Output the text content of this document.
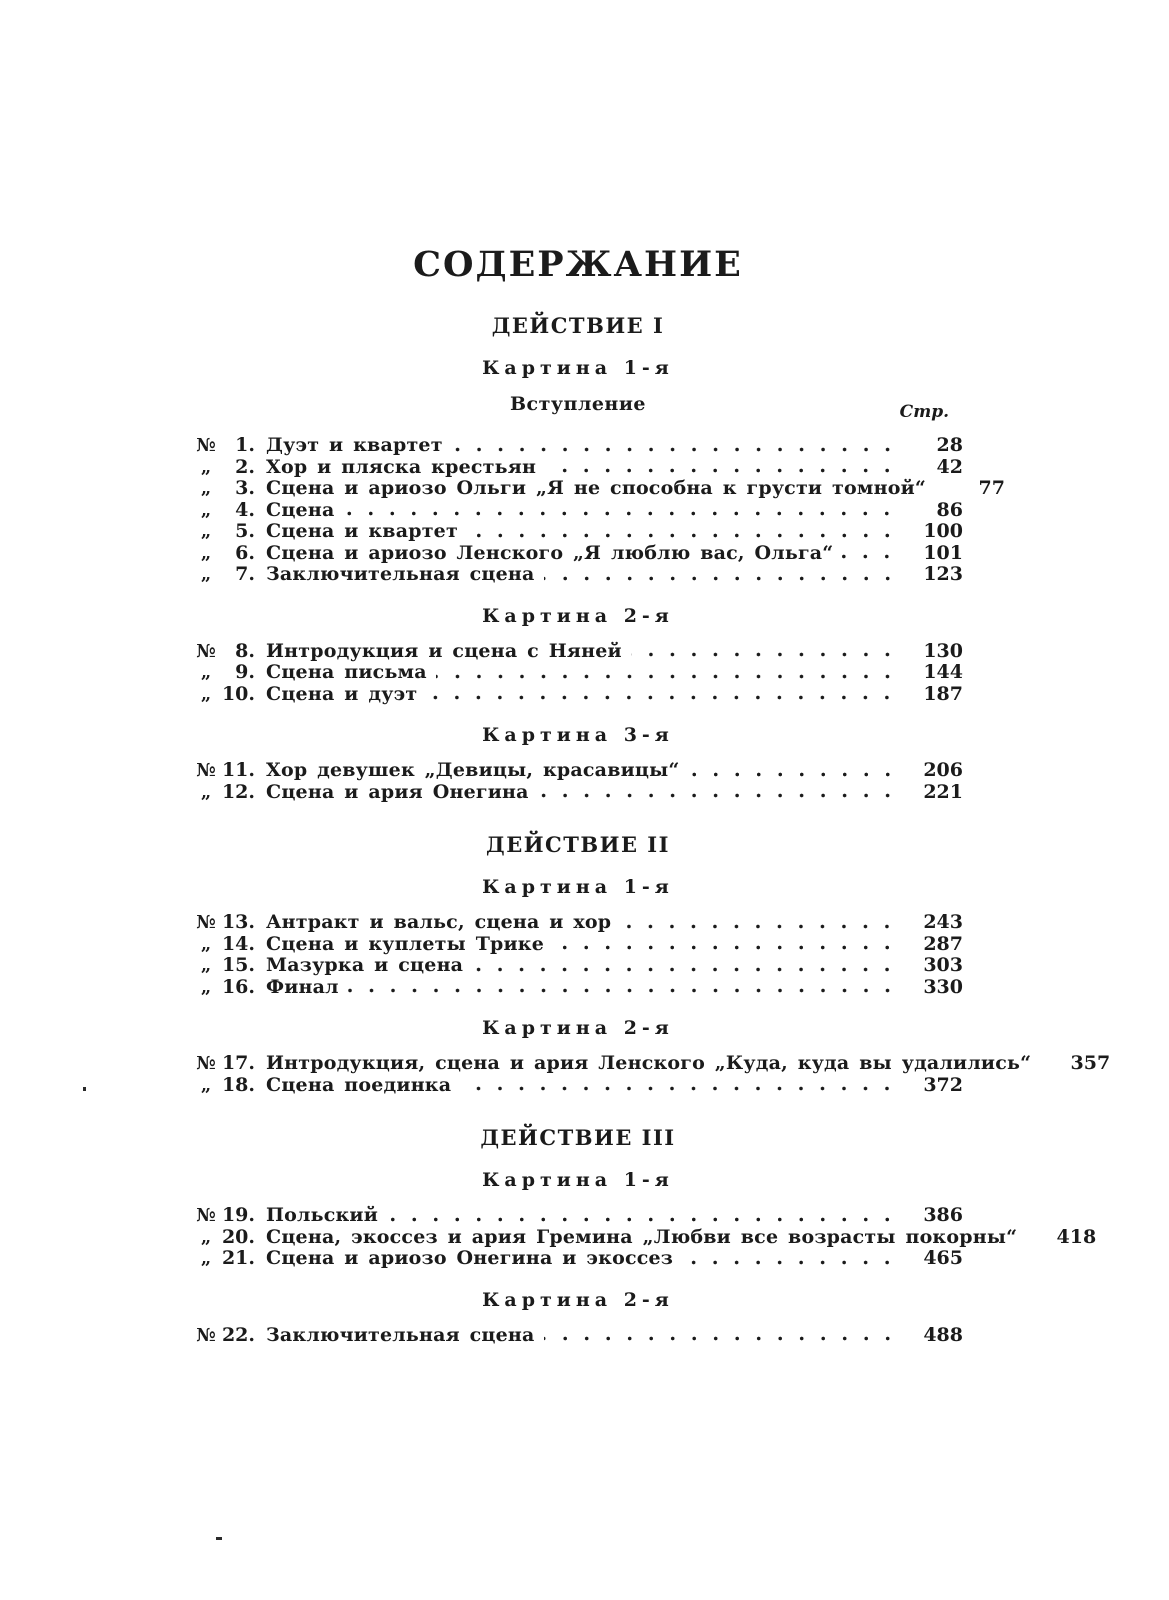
СОДЕРЖАНИЕ
ДЕЙСТВИЕ I
Картина 1-я
Вступление	Стр.
№	1. Дуэт и квартет	28
„	2. Хор и пляска крестьян	42
„	3. Сцена и ариозо Ольги „Я не способна к грусти томной“	77
„	4. Сцена	86
„	5. Сцена и квартет	100
„	6. Сцена и ариозо Ленского „Я люблю вас, Ольга“	101
„	7. Заключительная сцена	123
Картина 2-я
№	8. Интродукция и сцена с Няней	130
„	9. Сцена письма	144
„ 10. Сцена и дуэт	187
Картина 3-я
№ 11. Хор девушек „Девицы, красавицы“	206
„ 12. Сцена и ария Онегина	221
ДЕЙСТВИЕ II
Картина 1-я
№ 13. Антракт и вальс, сцена и хор	243
„ 14. Сцена и куплеты Трике	287
„ 15. Мазурка и сцена	303
„ 16. Финал	330
Картина 2-я
№ 17. Интродукция, сцена и ария Ленского „Куда, куда вы удалились“	357
„ 18. Сцена поединка	372
ДЕЙСТВИЕ III
Картина 1-я
№ 19. Польский	386
„ 20. Сцена, экоссез и ария Гремина „Любви все возрасты покорны“	418
„ 21. Сцена и ариозо Онегина и экоссез	465
Картина 2-я
№ 22. Заключительная сцена	488
